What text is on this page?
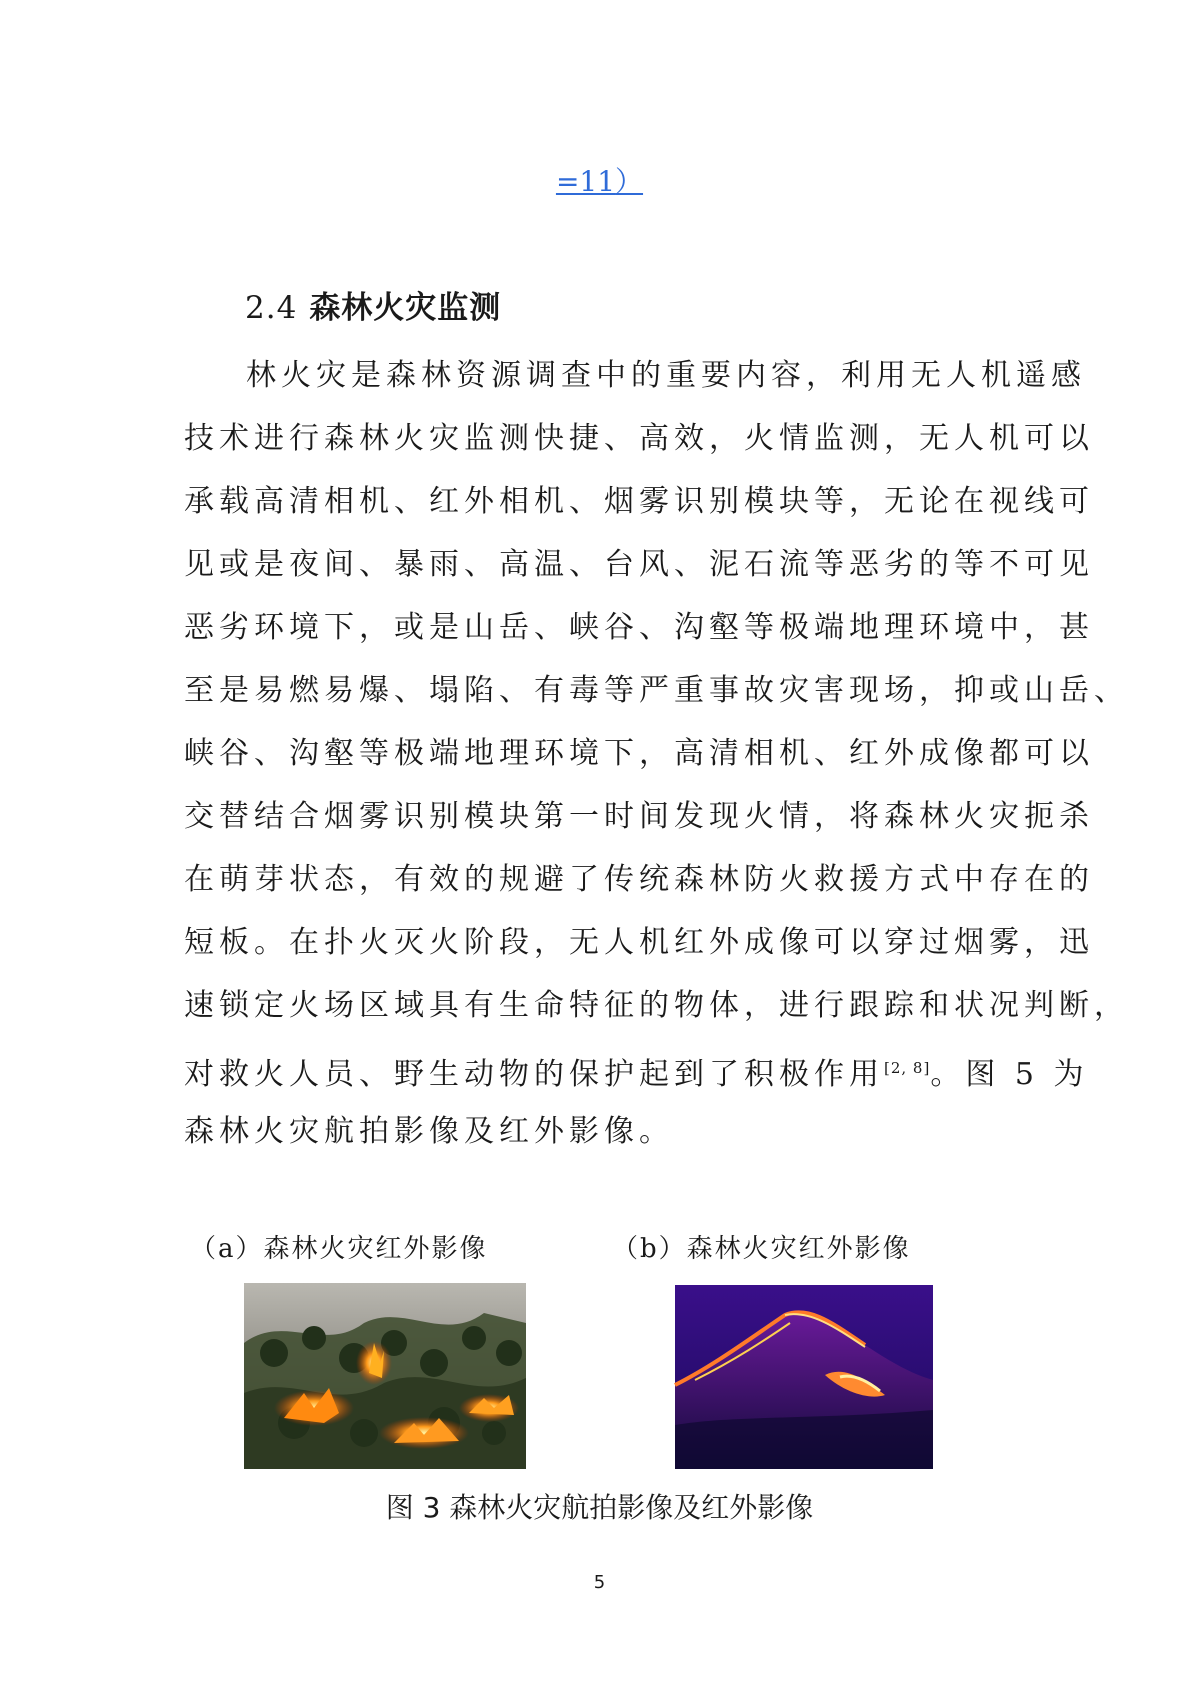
=11）
2.4 森林火灾监测
林火灾是森林资源调查中的重要内容，利用无人机遥感
技术进行森林火灾监测快捷、高效，火情监测，无人机可以
承载高清相机、红外相机、烟雾识别模块等，无论在视线可
见或是夜间、暴雨、高温、台风、泥石流等恶劣的等不可见
恶劣环境下，或是山岳、峡谷、沟壑等极端地理环境中，甚
至是易燃易爆、塌陷、有毒等严重事故灾害现场，抑或山岳、
峡谷、沟壑等极端地理环境下，高清相机、红外成像都可以
交替结合烟雾识别模块第一时间发现火情，将森林火灾扼杀
在萌芽状态，有效的规避了传统森林防火救援方式中存在的
短板。在扑火灭火阶段，无人机红外成像可以穿过烟雾，迅
速锁定火场区域具有生命特征的物体，进行跟踪和状况判断，
对救火人员、野生动物的保护起到了积极作用[2, 8]。图 5 为
森林火灾航拍影像及红外影像。
（a）森林火灾红外影像	（b）森林火灾红外影像
图 3 森林火灾航拍影像及红外影像
5
